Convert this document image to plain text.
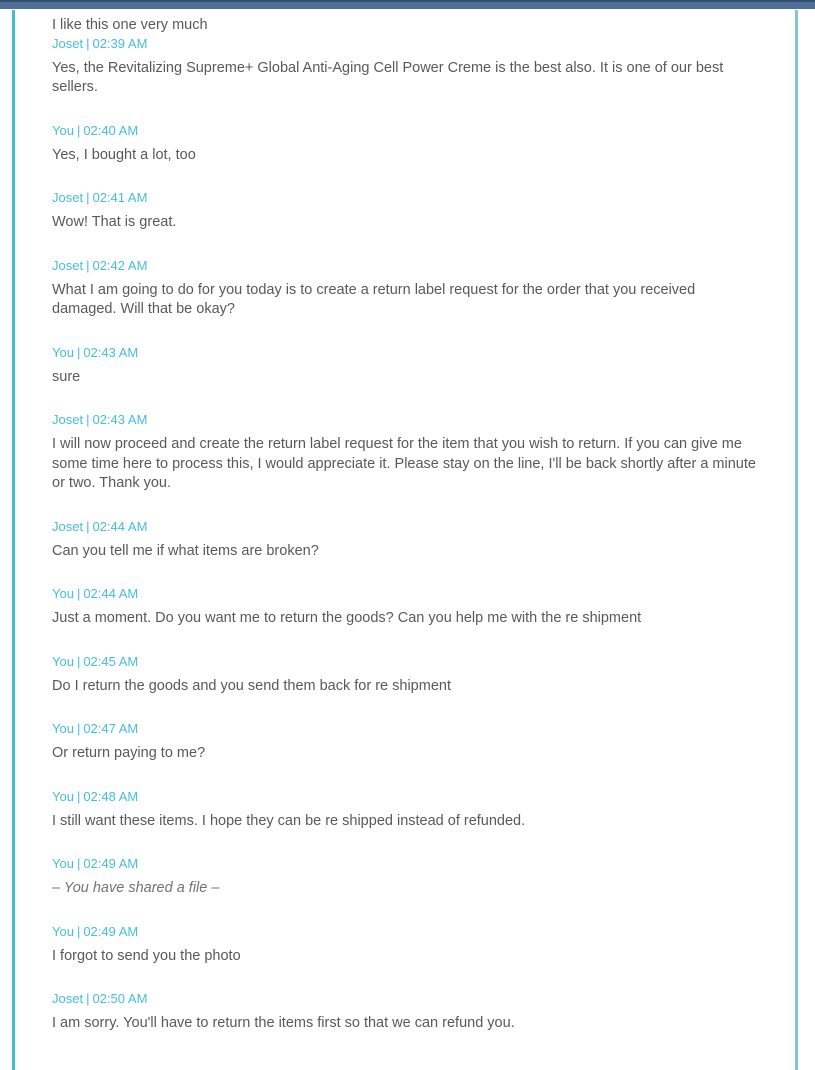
I like this one very much

Joset | 02:39 AM

Yes, the Revitalizing Supreme+ Global Anti-Aging Cell Power Creme is the best also. It is one of our best sellers.

You | 02:40 AM

Yes, I bought a lot, too

Joset | 02:41 AM

Wow! That is great.

Joset | 02:42 AM

What I am going to do for you today is to create a return label request for the order that you received damaged. Will that be okay?

You | 02:43 AM

sure

Joset | 02:43 AM

I will now proceed and create the return label request for the item that you wish to return. If you can give me some time here to process this, I would appreciate it. Please stay on the line, I'll be back shortly after a minute or two. Thank you.

Joset | 02:44 AM

Can you tell me if what items are broken?

You | 02:44 AM

Just a moment. Do you want me to return the goods? Can you help me with the re shipment

You | 02:45 AM

Do I return the goods and you send them back for re shipment

You | 02:47 AM

Or return paying to me?

You | 02:48 AM

I still want these items. I hope they can be re shipped instead of refunded.

You | 02:49 AM

– You have shared a file –

You | 02:49 AM

I forgot to send you the photo

Joset | 02:50 AM

I am sorry. You'll have to return the items first so that we can refund you.
